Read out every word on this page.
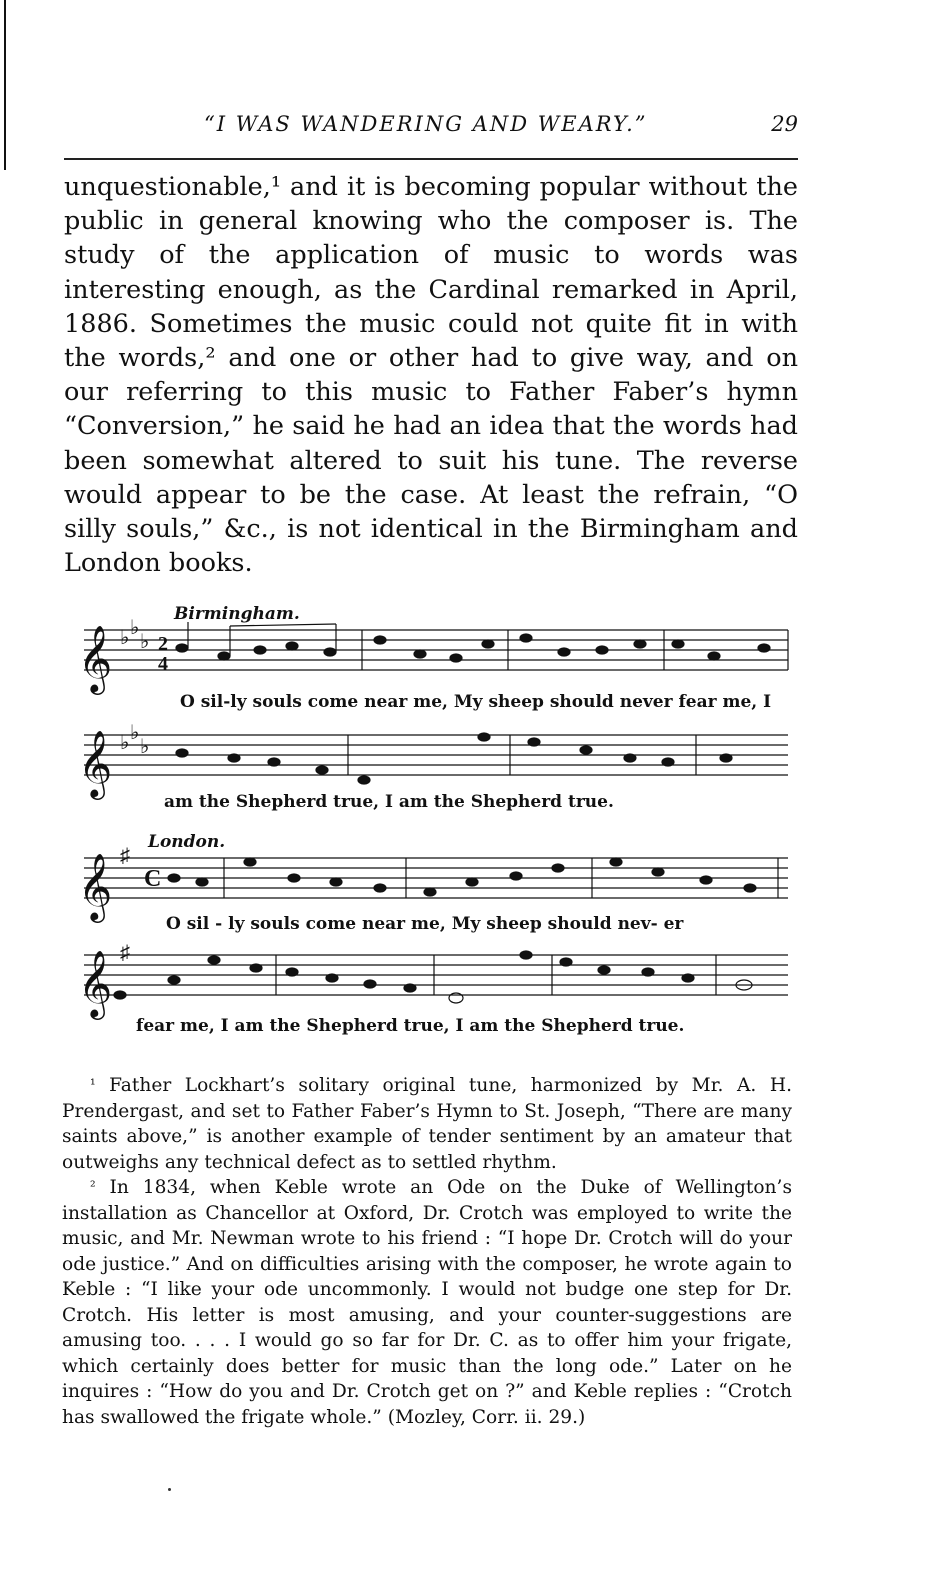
“I WAS WANDERING AND WEARY.”	29

unquestionable,¹ and it is becoming popular without the public in general knowing who the composer is. The study of the application of music to words was interesting enough, as the Cardinal remarked in April, 1886. Sometimes the music could not quite fit in with the words,² and one or other had to give way, and on our referring to this music to Father Faber’s hymn “Conversion,” he said he had an idea that the words had been somewhat altered to suit his tune. The reverse would appear to be the case. At least the refrain, “O silly souls,” &c., is not identical in the Birmingham and London books.

𝄞
𝄞
𝄞
𝄞
♭ ♭
♭
♭ ♭
♭
♯
♯
2
4
C
Birmingham.
London.
O sil-ly souls come near me, My sheep should never fear me, I
am the Shepherd true, I am the Shepherd true.
O sil - ly souls come near me, My sheep should nev- er
fear me, I am the Shepherd true, I am the Shepherd true.

$^{^1}$ Father Lockhart’s solitary original tune, harmonized by Mr. A. H. Prendergast, and set to Father Faber’s Hymn to St. Joseph, “There are many saints above,” is another example of tender sentiment by an amateur that outweighs any technical defect as to settled rhythm.

$^{^2}$ In 1834, when Keble wrote an Ode on the Duke of Wellington’s installation as Chancellor at Oxford, Dr. Crotch was employed to write the music, and Mr. Newman wrote to his friend : “I hope Dr. Crotch will do your ode justice.” And on difficulties arising with the composer, he wrote again to Keble : “I like your ode uncommonly. I would not budge one step for Dr. Crotch. His letter is most amusing, and your counter-suggestions are amusing too. . . . I would go so far for Dr. C. as to offer him your frigate, which certainly does better for music than the long ode.” Later on he inquires : “How do you and Dr. Crotch get on ?” and Keble replies : “Crotch has swallowed the frigate whole.” (Mozley, Corr. ii. 29.)
